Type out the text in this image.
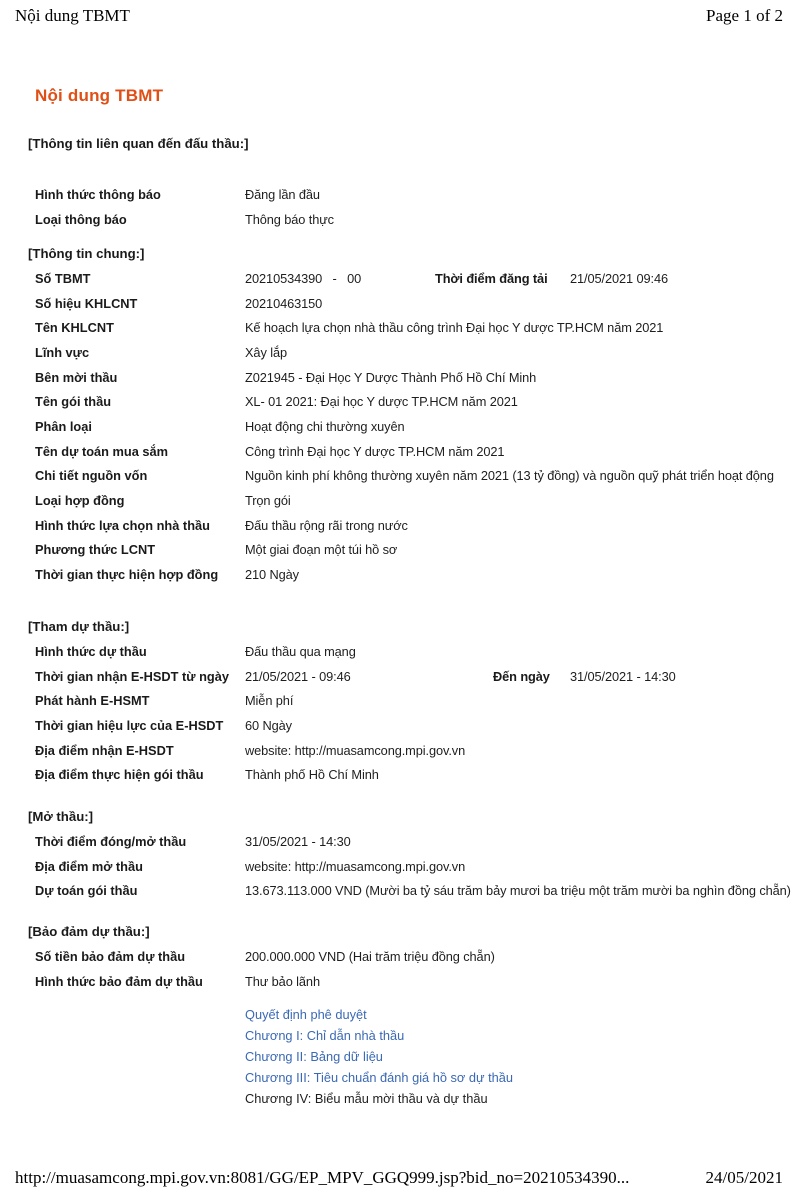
Nội dung TBMT	Page 1 of 2
Nội dung TBMT
[Thông tin liên quan đến đấu thầu:]
Hình thức thông báo	Đăng lần đầu
Loại thông báo	Thông báo thực
[Thông tin chung:]
Số TBMT	20210534390   -   00	Thời điểm đăng tải 21/05/2021 09:46
Số hiệu KHLCNT	20210463150
Tên KHLCNT	Kế hoạch lựa chọn nhà thầu công trình Đại học Y dược TP.HCM năm 2021
Lĩnh vực	Xây lắp
Bên mời thầu	Z021945 - Đại Học Y Dược Thành Phố Hồ Chí Minh
Tên gói thầu	XL- 01 2021: Đại học Y dược TP.HCM năm 2021
Phân loại	Hoạt động chi thường xuyên
Tên dự toán mua sắm	Công trình Đại học Y dược TP.HCM năm 2021
Chi tiết nguồn vốn	Nguồn kinh phí không thường xuyên năm 2021 (13 tỷ đồng) và nguồn quỹ phát triển hoạt động
Loại hợp đồng	Trọn gói
Hình thức lựa chọn nhà thầu	Đấu thầu rộng rãi trong nước
Phương thức LCNT	Một giai đoạn một túi hồ sơ
Thời gian thực hiện hợp đồng	210 Ngày
[Tham dự thầu:]
Hình thức dự thầu	Đấu thầu qua mạng
Thời gian nhận E-HSDT từ ngày	21/05/2021 - 09:46	Đến ngày 31/05/2021 - 14:30
Phát hành E-HSMT	Miễn phí
Thời gian hiệu lực của E-HSDT	60 Ngày
Địa điểm nhận E-HSDT	website: http://muasamcong.mpi.gov.vn
Địa điểm thực hiện gói thầu	Thành phố Hồ Chí Minh
[Mở thầu:]
Thời điểm đóng/mở thầu	31/05/2021 - 14:30
Địa điểm mở thầu	website: http://muasamcong.mpi.gov.vn
Dự toán gói thầu	13.673.113.000 VND (Mười ba tỷ sáu trăm bảy mươi ba triệu một trăm mười ba nghìn đồng chẵn)
[Bảo đảm dự thầu:]
Số tiền bảo đảm dự thầu	200.000.000 VND (Hai trăm triệu đồng chẵn)
Hình thức bảo đảm dự thầu	Thư bảo lãnh
Quyết định phê duyệt
Chương I: Chỉ dẫn nhà thầu
Chương II: Bảng dữ liệu
Chương III: Tiêu chuẩn đánh giá hồ sơ dự thầu
Chương IV: Biểu mẫu mời thầu và dự thầu
http://muasamcong.mpi.gov.vn:8081/GG/EP_MPV_GGQ999.jsp?bid_no=20210534390...	24/05/2021
